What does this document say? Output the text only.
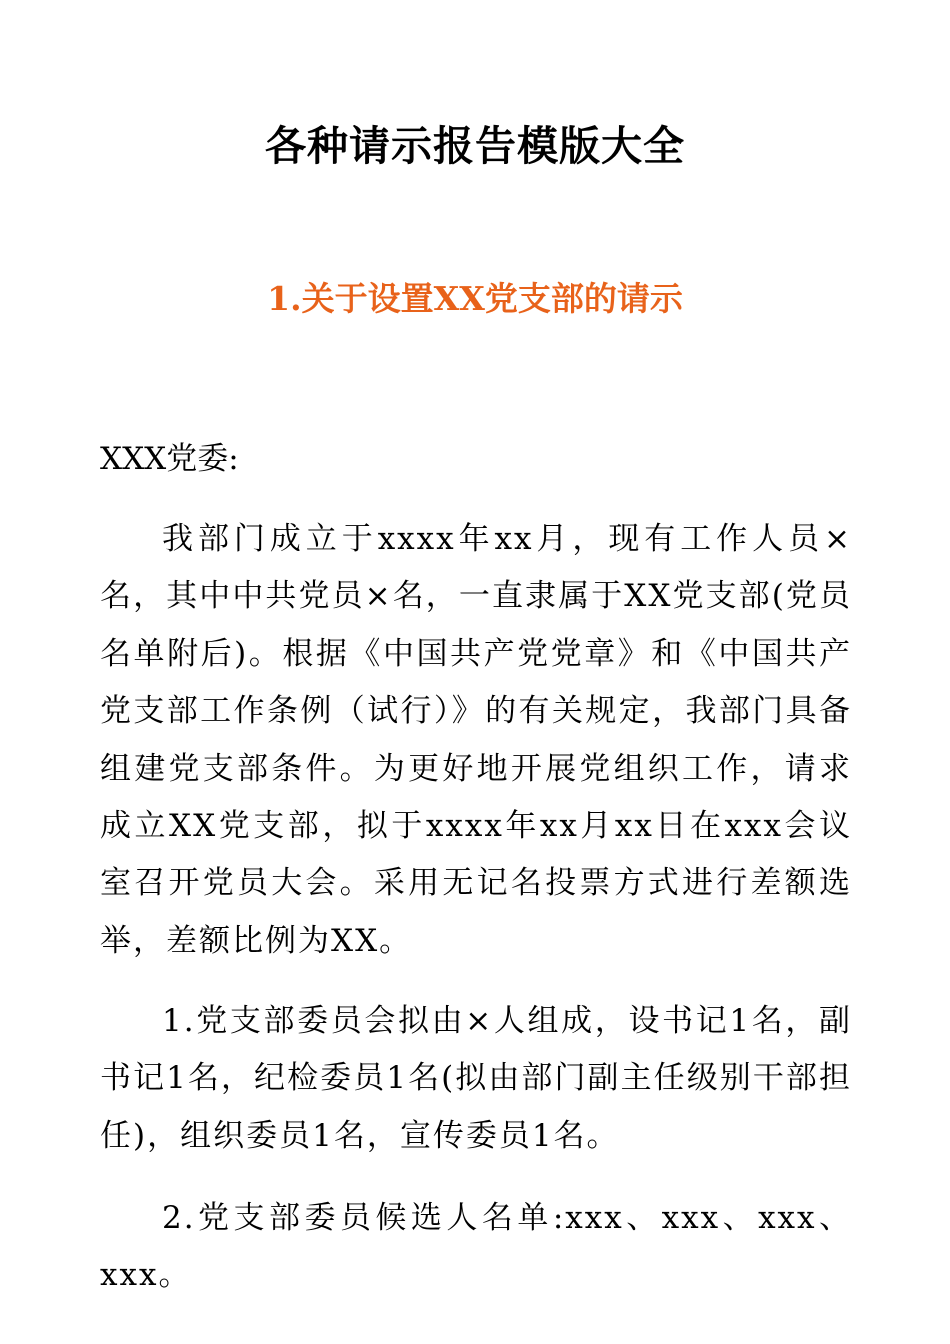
各种请示报告模版大全
1.关于设置XX党支部的请示

XXX党委:

我部门成立于xxxx年xx月，现有工作人员×名，其中中共党员×名，一直隶属于XX党支部(党员名单附后)。根据《中国共产党党章》和《中国共产党支部工作条例（试行）》的有关规定，我部门具备组建党支部条件。为更好地开展党组织工作，请求成立XX党支部，拟于xxxx年xx月xx日在xxx会议室召开党员大会。采用无记名投票方式进行差额选举，差额比例为XX。

1.党支部委员会拟由×人组成，设书记1名，副书记1名，纪检委员1名(拟由部门副主任级别干部担任)，组织委员1名，宣传委员1名。

2.党支部委员候选人名单:xxx、xxx、xxx、xxx。
